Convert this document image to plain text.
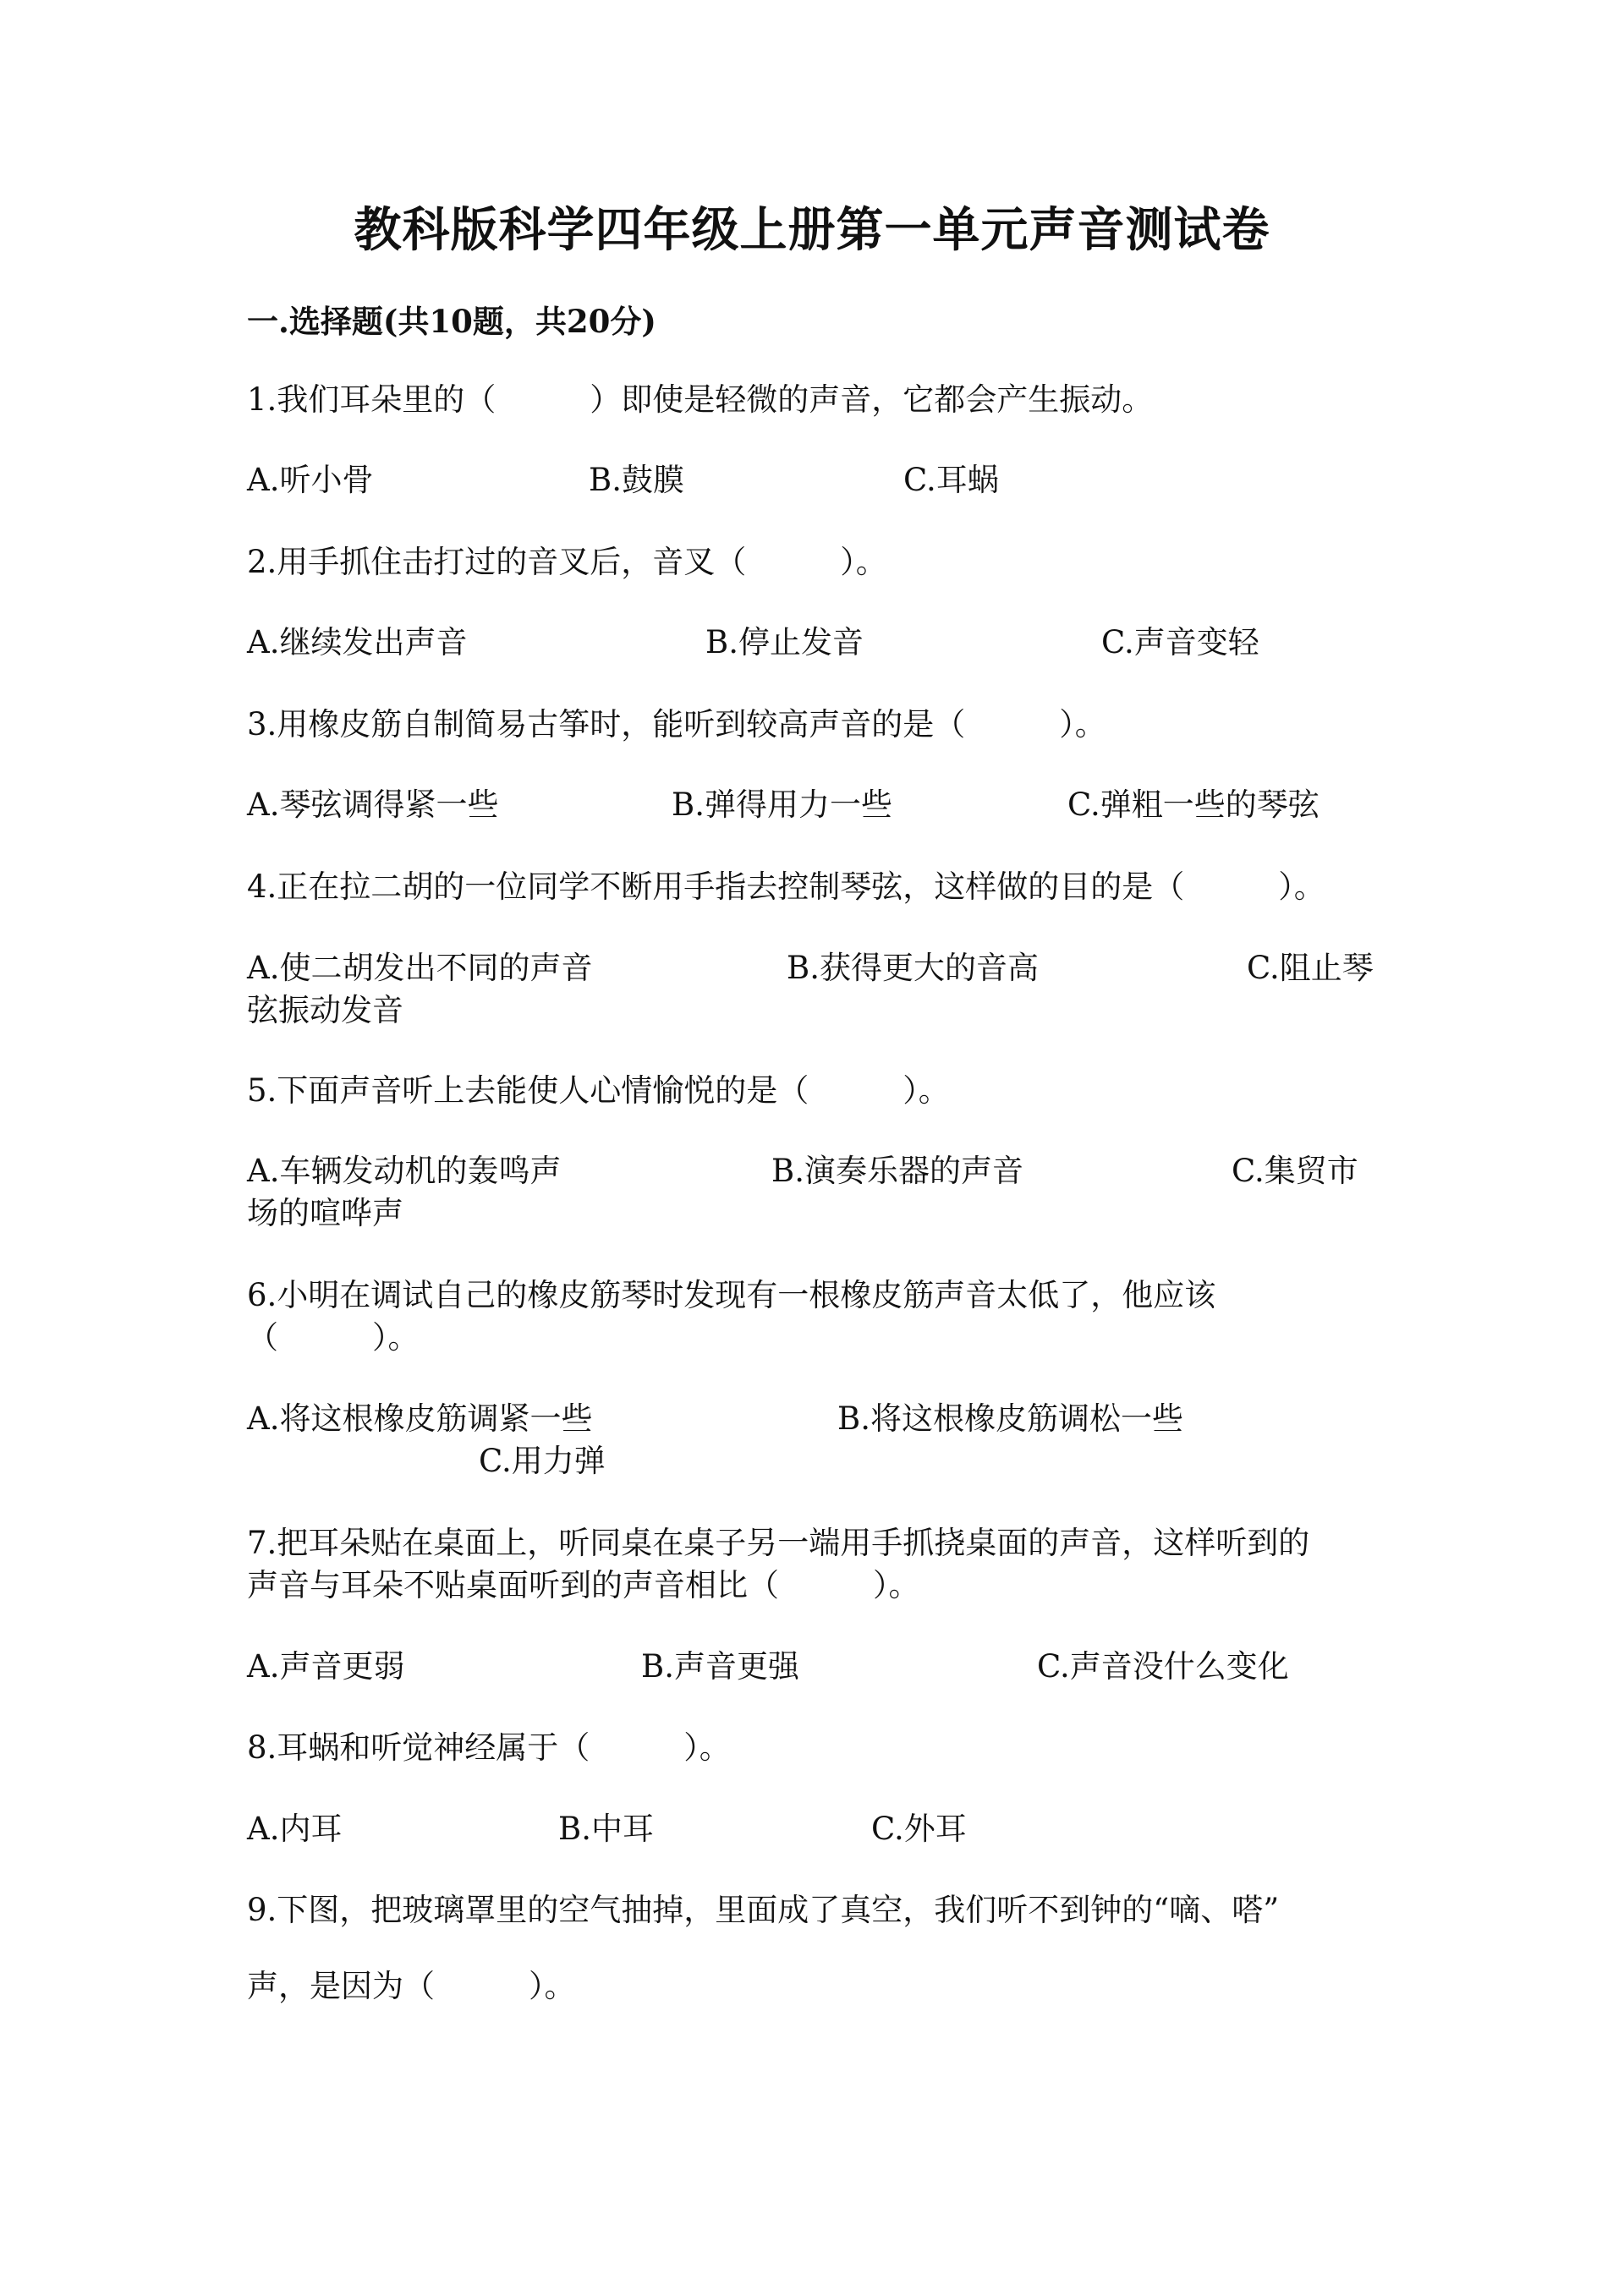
教科版科学四年级上册第一单元声音测试卷
一.选择题(共10题，共20分)
1.我们耳朵里的（　　　）即使是轻微的声音，它都会产生振动。
A.听小骨	B.鼓膜	C.耳蜗
2.用手抓住击打过的音叉后，音叉（　　　）。
A.继续发出声音	B.停止发音	C.声音变轻
3.用橡皮筋自制简易古筝时，能听到较高声音的是（　　　）。
A.琴弦调得紧一些	B.弹得用力一些	C.弹粗一些的琴弦
4.正在拉二胡的一位同学不断用手指去控制琴弦，这样做的目的是（　　　）。
A.使二胡发出不同的声音	B.获得更大的音高	C.阻止琴
弦振动发音
5.下面声音听上去能使人心情愉悦的是（　　　）。
A.车辆发动机的轰鸣声	B.演奏乐器的声音	C.集贸市
场的喧哗声
6.小明在调试自己的橡皮筋琴时发现有一根橡皮筋声音太低了，他应该
（　　　）。
A.将这根橡皮筋调紧一些	B.将这根橡皮筋调松一些
C.用力弹
7.把耳朵贴在桌面上，听同桌在桌子另一端用手抓挠桌面的声音，这样听到的
声音与耳朵不贴桌面听到的声音相比（　　　）。
A.声音更弱	B.声音更强	C.声音没什么变化
8.耳蜗和听觉神经属于（　　　）。
A.内耳	B.中耳	C.外耳
9.下图，把玻璃罩里的空气抽掉，里面成了真空，我们听不到钟的“嘀、嗒”
声，是因为（　　　）。
